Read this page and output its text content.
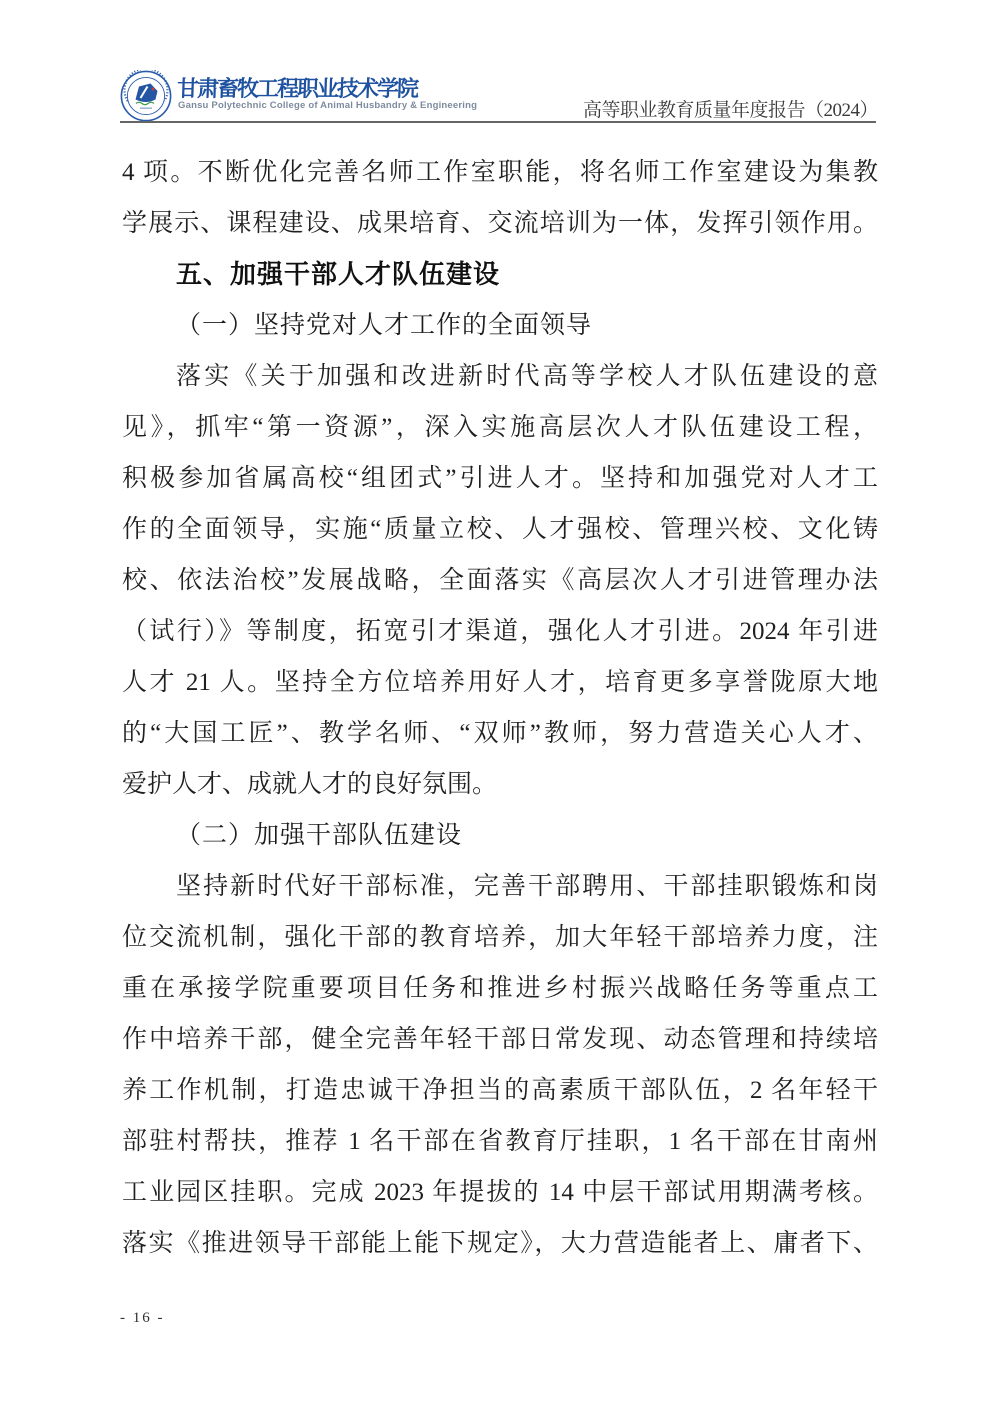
甘肃畜牧工程职业技术学院
Gansu Polytechnic College of Animal Husbandry & Engineering	高等职业教育质量年度报告（2024）
4 项。不断优化完善名师工作室职能，将名师工作室建设为集教
学展示、课程建设、成果培育、交流培训为一体，发挥引领作用。
五、加强干部人才队伍建设
（一）坚持党对人才工作的全面领导
落实《关于加强和改进新时代高等学校人才队伍建设的意
见》，抓牢“第一资源”，深入实施高层次人才队伍建设工程，
积极参加省属高校“组团式”引进人才。坚持和加强党对人才工
作的全面领导，实施“质量立校、人才强校、管理兴校、文化铸
校、依法治校”发展战略，全面落实《高层次人才引进管理办法
（试行）》等制度，拓宽引才渠道，强化人才引进。2024 年引进
人才 21 人。坚持全方位培养用好人才，培育更多享誉陇原大地
的“大国工匠”、教学名师、“双师”教师，努力营造关心人才、
爱护人才、成就人才的良好氛围。
（二）加强干部队伍建设
坚持新时代好干部标准，完善干部聘用、干部挂职锻炼和岗
位交流机制，强化干部的教育培养，加大年轻干部培养力度，注
重在承接学院重要项目任务和推进乡村振兴战略任务等重点工
作中培养干部，健全完善年轻干部日常发现、动态管理和持续培
养工作机制，打造忠诚干净担当的高素质干部队伍，2 名年轻干
部驻村帮扶，推荐 1 名干部在省教育厅挂职，1 名干部在甘南州
工业园区挂职。完成 2023 年提拔的 14 中层干部试用期满考核。
落实《推进领导干部能上能下规定》，大力营造能者上、庸者下、
- 16 -
